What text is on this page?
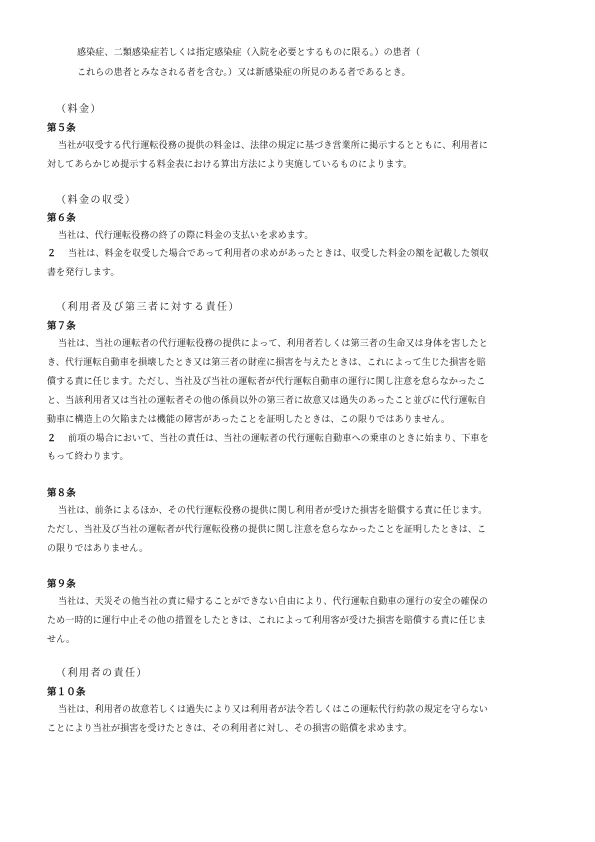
感染症、二類感染症若しくは指定感染症（入院を必要とするものに限る。）の患者（
これらの患者とみなされる者を含む。）又は新感染症の所見のある者であるとき。
（料金）
第５条
当社が収受する代行運転役務の提供の料金は、法律の規定に基づき営業所に掲示するとともに、利用者に
対してあらかじめ提示する料金表における算出方法により実施しているものによります。
（料金の収受）
第６条
当社は、代行運転役務の終了の際に料金の支払いを求めます。
２ 当社は、料金を収受した場合であって利用者の求めがあったときは、収受した料金の額を記載した領収
書を発行します。
（利用者及び第三者に対する責任）
第７条
当社は、当社の運転者の代行運転役務の提供によって、利用者若しくは第三者の生命又は身体を害したと
き、代行運転自動車を損壊したとき又は第三者の財産に損害を与えたときは、これによって生じた損害を賠
償する責に任じます。ただし、当社及び当社の運転者が代行運転自動車の運行に関し注意を怠らなかったこ
と、当該利用者又は当社の運転者その他の係員以外の第三者に故意又は過失のあったこと並びに代行運転自
動車に構造上の欠陥または機能の障害があったことを証明したときは、この限りではありません。
２ 前項の場合において、当社の責任は、当社の運転者の代行運転自動車への乗車のときに始まり、下車を
もって終わります。
第８条
当社は、前条によるほか、その代行運転役務の提供に関し利用者が受けた損害を賠償する責に任じます。
ただし、当社及び当社の運転者が代行運転役務の提供に関し注意を怠らなかったことを証明したときは、こ
の限りではありません。
第９条
当社は、天災その他当社の責に帰することができない自由により、代行運転自動車の運行の安全の確保の
ため一時的に運行中止その他の措置をしたときは、これによって利用客が受けた損害を賠償する責に任じま
せん。
（利用者の責任）
第１０条
当社は、利用者の故意若しくは過失により又は利用者が法令若しくはこの運転代行約款の規定を守らない
ことにより当社が損害を受けたときは、その利用者に対し、その損害の賠償を求めます。
